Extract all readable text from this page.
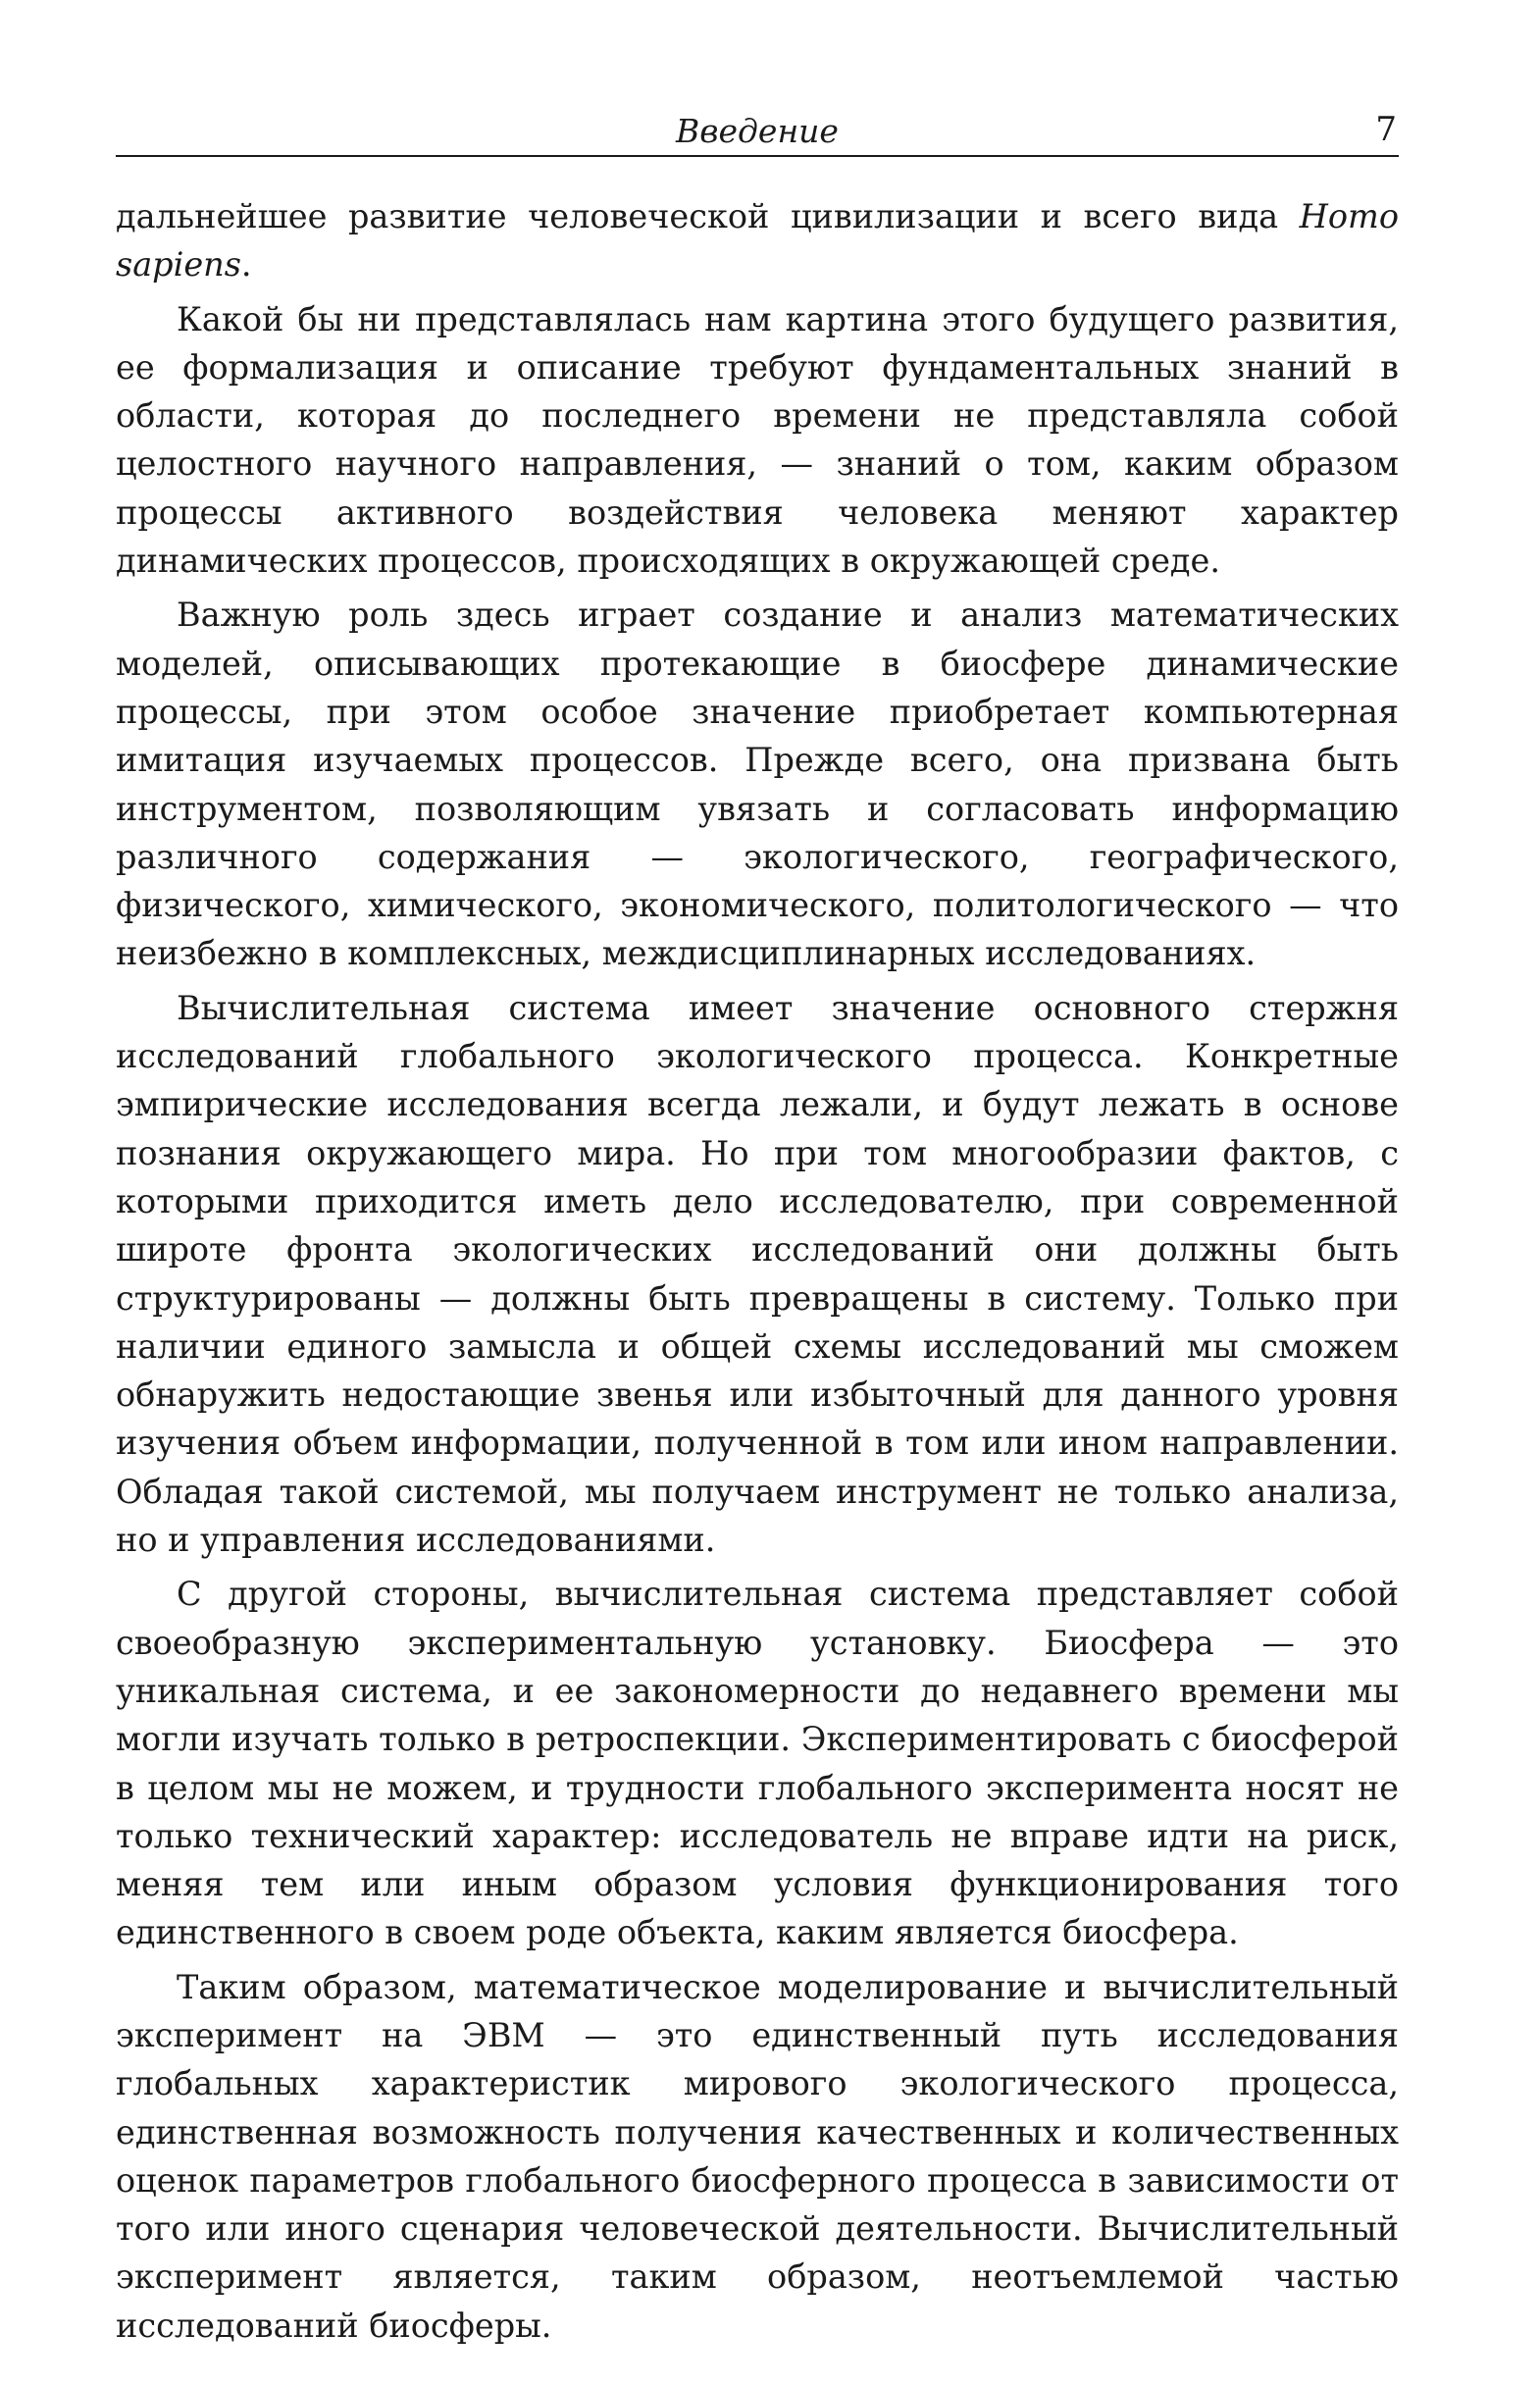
Введение	7

дальнейшее развитие человеческой цивилизации и всего вида Homo sapiens.

Какой бы ни представлялась нам картина этого будущего развития, ее формализация и описание требуют фундаментальных знаний в области, которая до последнего времени не представляла собой целостного научного направления, — знаний о том, каким образом процессы активного воздействия человека меняют характер динамических процессов, происходящих в окружающей среде.

Важную роль здесь играет создание и анализ математических моделей, описывающих протекающие в биосфере динамические процессы, при этом особое значение приобретает компьютерная имитация изучаемых процессов. Прежде всего, она призвана быть инструментом, позволяющим увязать и согласовать информацию различного содержания — экологического, географического, физического, химического, экономического, политологического — что неизбежно в комплексных, междисциплинарных исследованиях.

Вычислительная система имеет значение основного стержня исследований глобального экологического процесса. Конкретные эмпирические исследования всегда лежали, и будут лежать в основе познания окружающего мира. Но при том многообразии фактов, с которыми приходится иметь дело исследователю, при современной широте фронта экологических исследований они должны быть структурированы — должны быть превращены в систему. Только при наличии единого замысла и общей схемы исследований мы сможем обнаружить недостающие звенья или избыточный для данного уровня изучения объем информации, полученной в том или ином направлении. Обладая такой системой, мы получаем инструмент не только анализа, но и управления исследованиями.

С другой стороны, вычислительная система представляет собой своеобразную экспериментальную установку. Биосфера — это уникальная система, и ее закономерности до недавнего времени мы могли изучать только в ретроспекции. Экспериментировать с биосферой в целом мы не можем, и трудности глобального эксперимента носят не только технический характер: исследователь не вправе идти на риск, меняя тем или иным образом условия функционирования того единственного в своем роде объекта, каким является биосфера.

Таким образом, математическое моделирование и вычислительный эксперимент на ЭВМ — это единственный путь исследования глобальных характеристик мирового экологического процесса, единственная возможность получения качественных и количественных оценок параметров глобального биосферного процесса в зависимости от того или иного сценария человеческой деятельности. Вычислительный эксперимент является, таким образом, неотъемлемой частью исследований биосферы.
